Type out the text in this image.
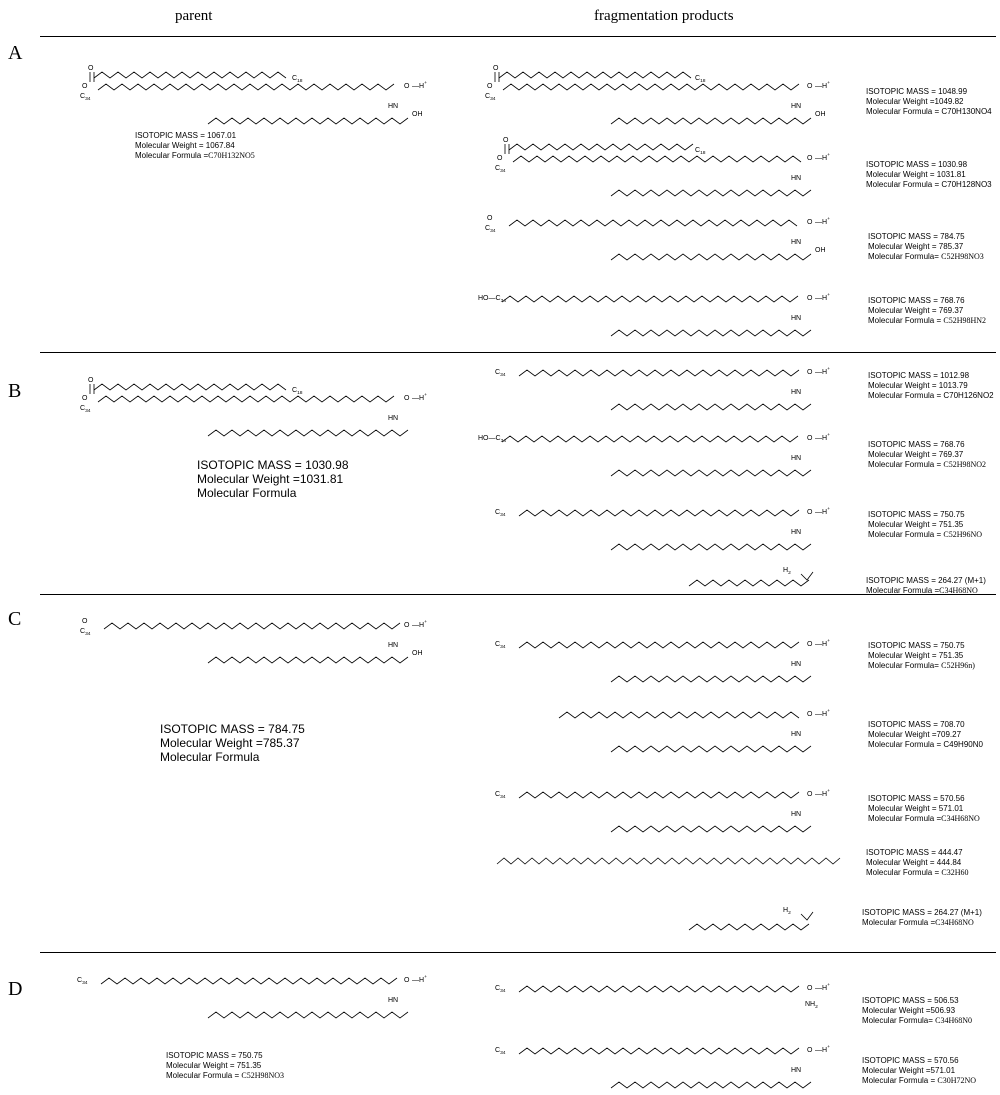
parent	fragmentation products
A
B
C
D
O
$C_{18}$
O
$C_{34}$
O —H+
HN
OH
O
$C_{18}$
O
$C_{34}$
O —H+
HN
OH
O
$C_{18}$
O
$C_{34}$
O —H+
HN
O
$C_{34}$
O —H+
HN
OH
$HO—C_{34}$	O —H+
HN
O
$C_{18}$
O
$C_{34}$
O —H+
HN
$C_{34}$	O —H+
HN
$HO—C_{34}$	O —H+
HN
$C_{34}$	O —H+
HN
$H_2$
O
$C_{34}$
O —H+
HN
OH
$C_{34}$	O —H+
HN
O —H+
HN
$C_{34}$	O —H+
HN
$H_2$
$C_{34}$	O —H+
HN
$C_{34}$	O —H+
$NH_2$
$C_{34}$	O —H+
HN
ISOTOPIC MASS = 1067.01
Molecular Weight = 1067.84
Molecular Formula =C70H132NO5
ISOTOPIC MASS = 1048.99
Molecular Weight =1049.82
Molecular Formula = C70H130NO4
ISOTOPIC MASS = 1030.98
Molecular Weight = 1031.81
Molecular Formula = C70H128NO3
ISOTOPIC MASS = 784.75
Molecular Weight = 785.37
Molecular Formula= C52H98NO3
ISOTOPIC MASS = 768.76
Molecular Weight = 769.37
Molecular Formula = C52H98HN2
ISOTOPIC MASS = 1030.98
Molecular Weight =1031.81
Molecular Formula
ISOTOPIC MASS = 1012.98
Molecular Weight = 1013.79
Molecular Formula = C70H126NO2
ISOTOPIC MASS = 768.76
Molecular Weight = 769.37
Molecular Formula = C52H98NO2
ISOTOPIC MASS = 750.75
Molecular Weight = 751.35
Molecular Formula = C52H96NO
ISOTOPIC MASS = 264.27 (M+1)
Molecular Formula =C34H68NO
ISOTOPIC MASS = 784.75
Molecular Weight =785.37
Molecular Formula
ISOTOPIC MASS = 750.75
Molecular Weight = 751.35
Molecular Formula= C52H96n)
ISOTOPIC MASS = 708.70
Molecular Weight =709.27
Molecular Formula = C49H90N0
ISOTOPIC MASS = 570.56
Molecular Weight = 571.01
Molecular Formula =C34H68NO
ISOTOPIC MASS = 444.47
Molecular Weight = 444.84
Molecular Formula = C32H60
ISOTOPIC MASS = 264.27 (M+1)
Molecular Formula =C34H68NO
ISOTOPIC MASS = 750.75
Molecular Weight = 751.35
Molecular Formula = C52H98NO3
ISOTOPIC MASS = 506.53
Molecular Weight =506.93
Molecular Formula= C34H68N0
ISOTOPIC MASS = 570.56
Molecular Weight =571.01
Molecular Formula = C30H72NO
